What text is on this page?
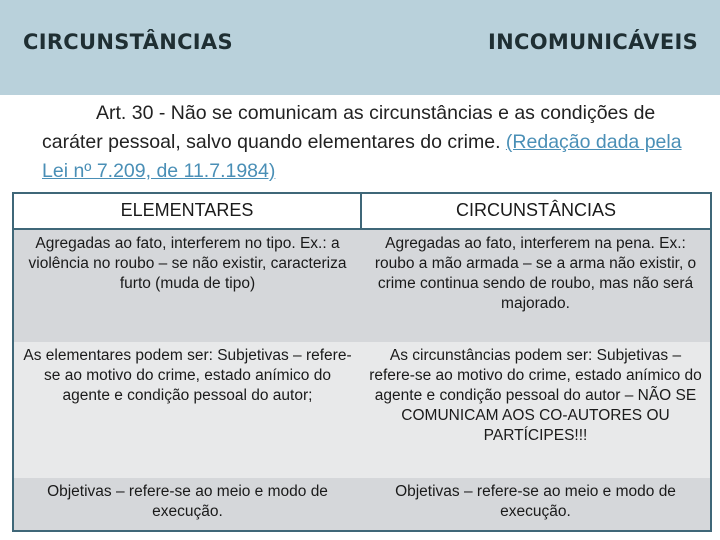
CIRCUNSTÂNCIAS	INCOMUNICÁVEIS
Art. 30 - Não se comunicam as circunstâncias e as condições de caráter pessoal, salvo quando elementares do crime. (Redação dada pela Lei nº 7.209, de 11.7.1984)
ELEMENTARES	CIRCUNSTÂNCIAS
Agregadas ao fato, interferem no tipo. Ex.: a violência no roubo – se não existir, caracteriza furto (muda de tipo)	Agregadas ao fato, interferem na pena. Ex.: roubo a mão armada – se a arma não existir, o crime continua sendo de roubo, mas não será majorado.
As elementares podem ser: Subjetivas – refere-se ao motivo do crime, estado anímico do agente e condição pessoal do autor;	As circunstâncias podem ser: Subjetivas – refere-se ao motivo do crime, estado anímico do agente e condição pessoal do autor – NÃO SE COMUNICAM AOS CO-AUTORES OU PARTÍCIPES!!!
Objetivas – refere-se ao meio e modo de execução.	Objetivas – refere-se ao meio e modo de execução.
